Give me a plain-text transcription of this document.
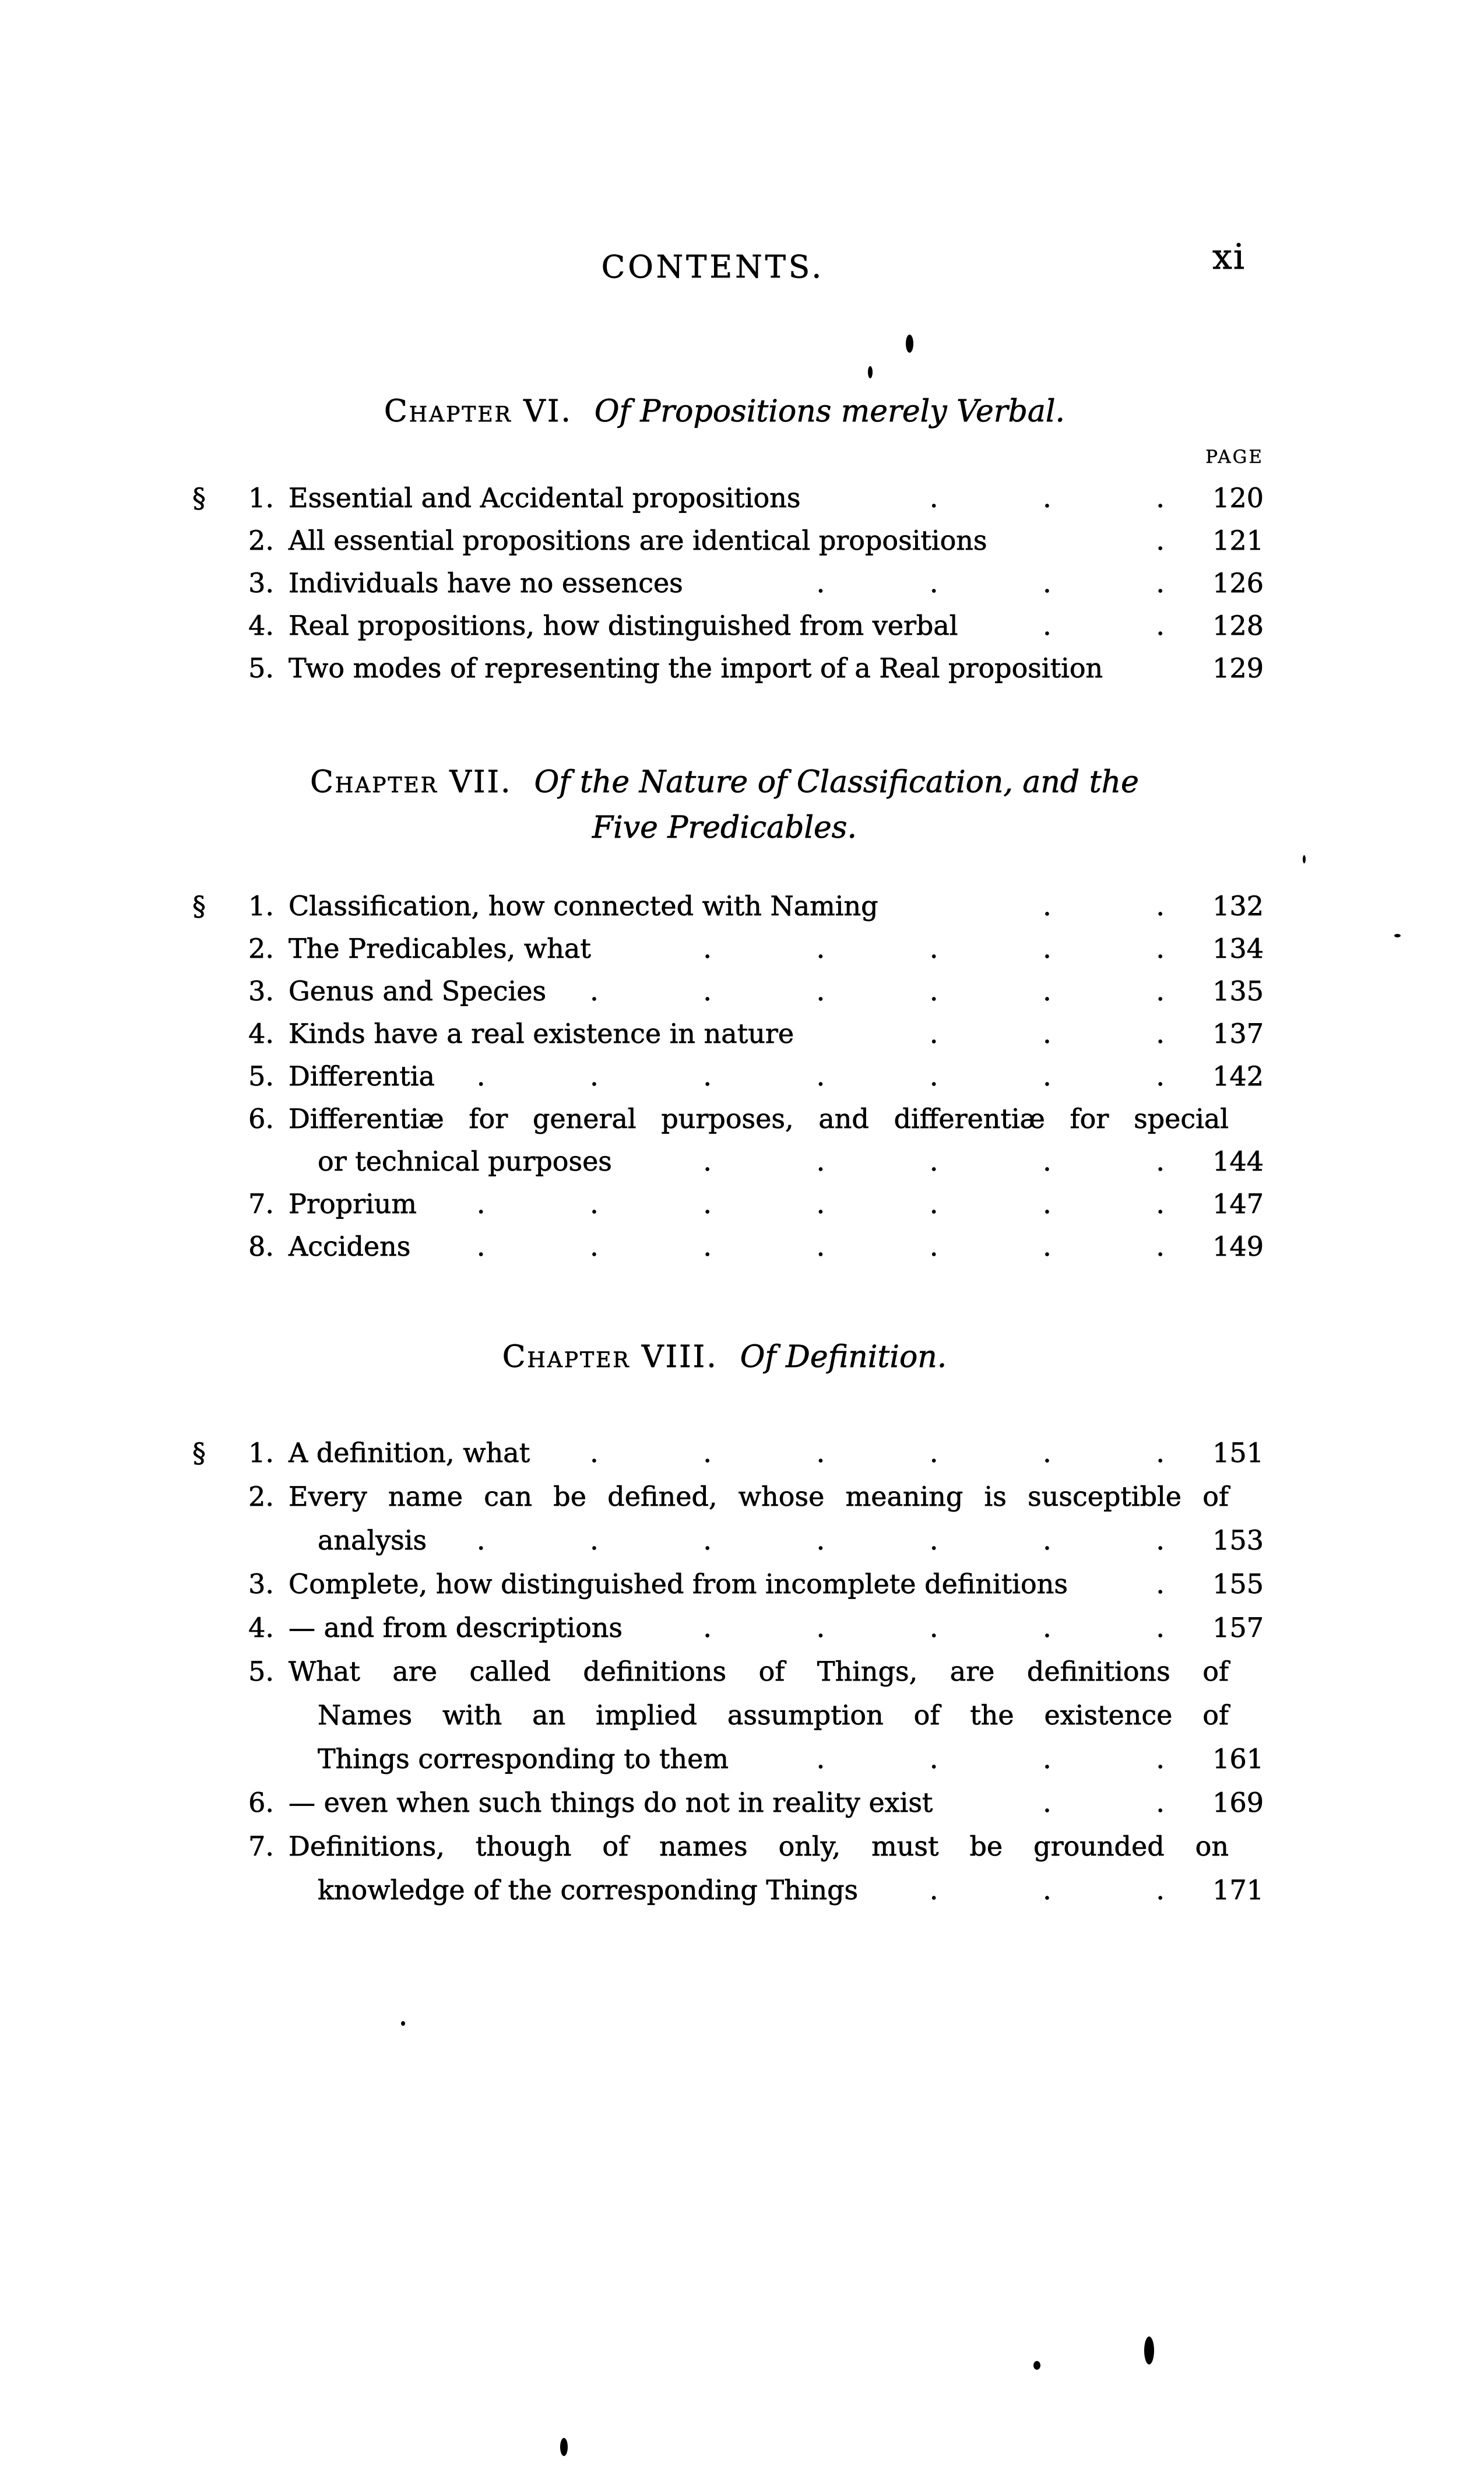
CONTENTS.	xi
Chapter VI. Of Propositions merely Verbal.
PAGE
§	1. Essential and Accidental propositions	. . .	120
2. All essential propositions are identical propositions	.	121
3. Individuals have no essences	. . . .	126
4. Real propositions, how distinguished from verbal	. .	128
5. Two modes of representing the import of a Real proposition	129
Chapter VII. Of the Nature of Classification, and the
Five Predicables.
§	1. Classification, how connected with Naming	. .	132
2. The Predicables, what	. . . . .	134
3. Genus and Species	. . . . . .	135
4. Kinds have a real existence in nature	. . .	137
5. Differentia	. . . . . . .	142
6. Differentiæ for general purposes, and differentiæ for special
or technical purposes	. . . . .	144
7. Proprium	. . . . . . .	147
8. Accidens	. . . . . . .	149
Chapter VIII. Of Definition.
§	1. A definition, what	. . . . . .	151
2. Every name can be defined, whose meaning is susceptible of
analysis	. . . . . . .	153
3. Complete, how distinguished from incomplete definitions	.	155
4. — and from descriptions	. . . . .	157
5. What are called definitions of Things, are definitions of
Names with an implied assumption of the existence of
Things corresponding to them	. . . .	161
6. — even when such things do not in reality exist	. .	169
7. Definitions, though of names only, must be grounded on
knowledge of the corresponding Things	. . .	171
